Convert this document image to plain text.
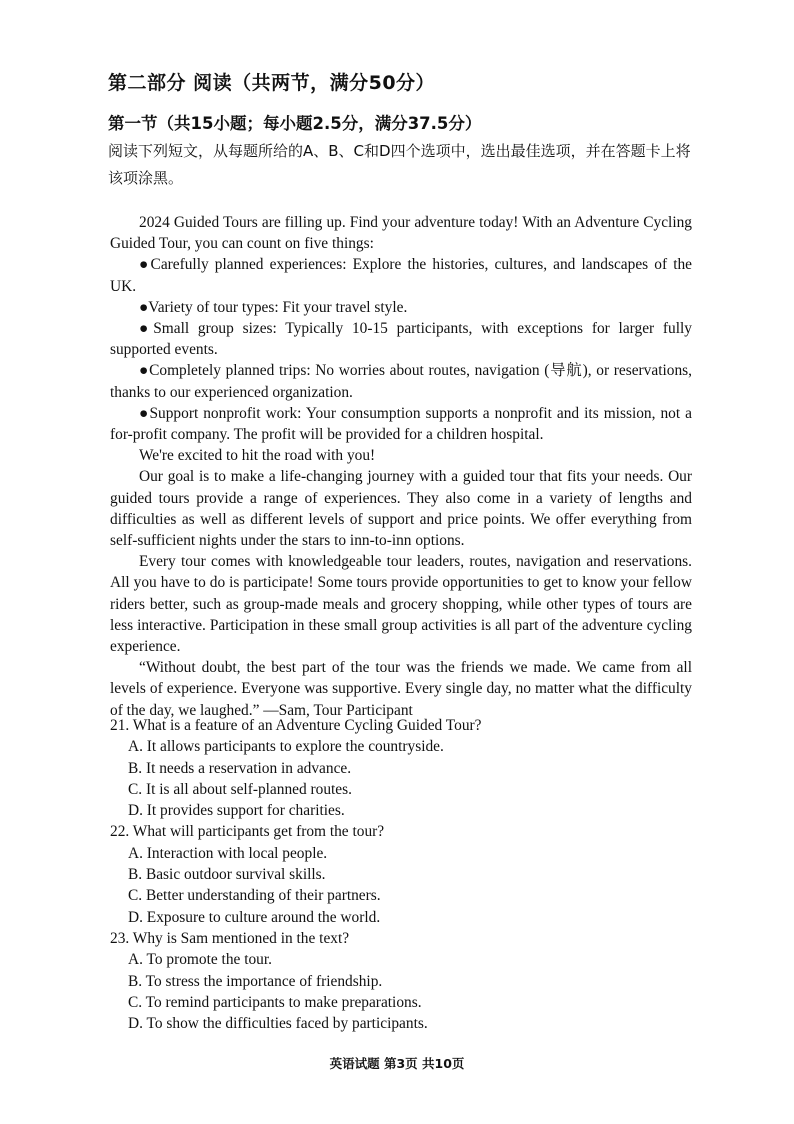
第二部分 阅读（共两节，满分50分）
第一节（共15小题；每小题2.5分，满分37.5分）
阅读下列短文，从每题所给的A、B、C和D四个选项中，选出最佳选项，并在答题卡上将该项涂黑。

2024 Guided Tours are filling up. Find your adventure today! With an Adventure Cycling Guided Tour, you can count on five things:

●Carefully planned experiences: Explore the histories, cultures, and landscapes of the UK.

●Variety of tour types: Fit your travel style.

●Small group sizes: Typically 10-15 participants, with exceptions for larger fully supported events.

●Completely planned trips: No worries about routes, navigation (导航), or reservations, thanks to our experienced organization.

●Support nonprofit work: Your consumption supports a nonprofit and its mission, not a for-profit company. The profit will be provided for a children hospital.

We're excited to hit the road with you!

Our goal is to make a life-changing journey with a guided tour that fits your needs. Our guided tours provide a range of experiences. They also come in a variety of lengths and difficulties as well as different levels of support and price points. We offer everything from self-sufficient nights under the stars to inn-to-inn options.

Every tour comes with knowledgeable tour leaders, routes, navigation and reservations. All you have to do is participate! Some tours provide opportunities to get to know your fellow riders better, such as group-made meals and grocery shopping, while other types of tours are less interactive. Participation in these small group activities is all part of the adventure cycling experience.

“Without doubt, the best part of the tour was the friends we made. We came from all levels of experience. Everyone was supportive. Every single day, no matter what the difficulty of the day, we laughed.” —Sam, Tour Participant

21. What is a feature of an Adventure Cycling Guided Tour?

A. It allows participants to explore the countryside.

B. It needs a reservation in advance.

C. It is all about self-planned routes.

D. It provides support for charities.

22. What will participants get from the tour?

A. Interaction with local people.

B. Basic outdoor survival skills.

C. Better understanding of their partners.

D. Exposure to culture around the world.

23. Why is Sam mentioned in the text?

A. To promote the tour.

B. To stress the importance of friendship.

C. To remind participants to make preparations.

D. To show the difficulties faced by participants.

英语试题 第3页 共10页
